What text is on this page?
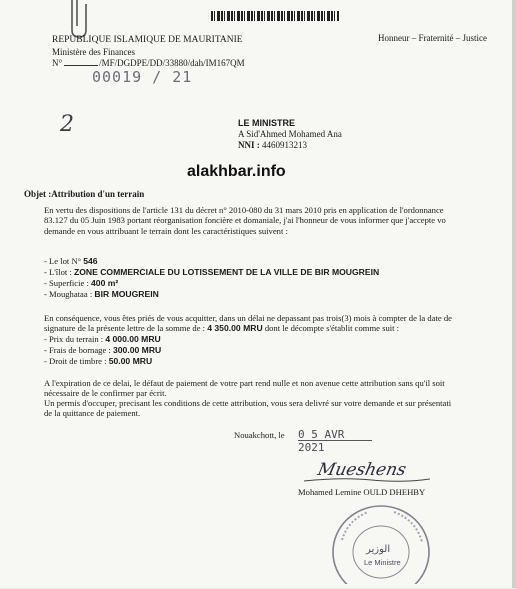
REPUBLIQUE ISLAMIQUE DE MAURITANIE
Ministère des Finances
N°	/MF/DGDPE/DD/33880/dah/IM167QM
00019 / 21
Honneur – Fraternité – Justice
2	LE MINISTRE
A Sid'Ahmed Mohamed Ana
NNI : 4460913213
alakhbar.info
Objet :Attribution d'un terrain
En vertu des dispositions de l'article 131 du décret n° 2010-080 du 31 mars 2010 pris en application de l'ordonnance
83.127 du 05 Juin 1983 portant réorganisation foncière et domaniale, j'ai l'honneur de vous informer que j'accepte vo
demande en vous attribuant le terrain dont les caractéristiques suivent :
- Le lot N° 546
- L'îlot : ZONE COMMERCIALE DU LOTISSEMENT DE LA VILLE DE BIR MOUGREIN
- Superficie : 400 m²
- Moughataa : BIR MOUGREIN
En conséquence, vous êtes priés de vous acquitter, dans un délai ne depassant pas trois(3) mois à compter de la date de
signature de la présente lettre de la somme de : 4 350.00 MRU dont le décompte s'établit comme suit :
- Prix du terrain : 4 000.00 MRU
- Frais de bornage : 300.00 MRU
- Droit de timbre : 50.00 MRU
A l'expiration de ce delai, le défaut de paiement de votre part rend nulle et non avenue cette attribution sans qu'il soit
nécessaire de le confirmer par écrit.
Un permis d'occuper, precisant les conditions de cette attribution, vous sera delivré sur votre demande et sur présentati
de la quittance de paiement.
Nouakchott, le 0 5 AVR 2021
Mueshens
Mohamed Lemine OULD DHEHBY
الوزير
Le Ministre
